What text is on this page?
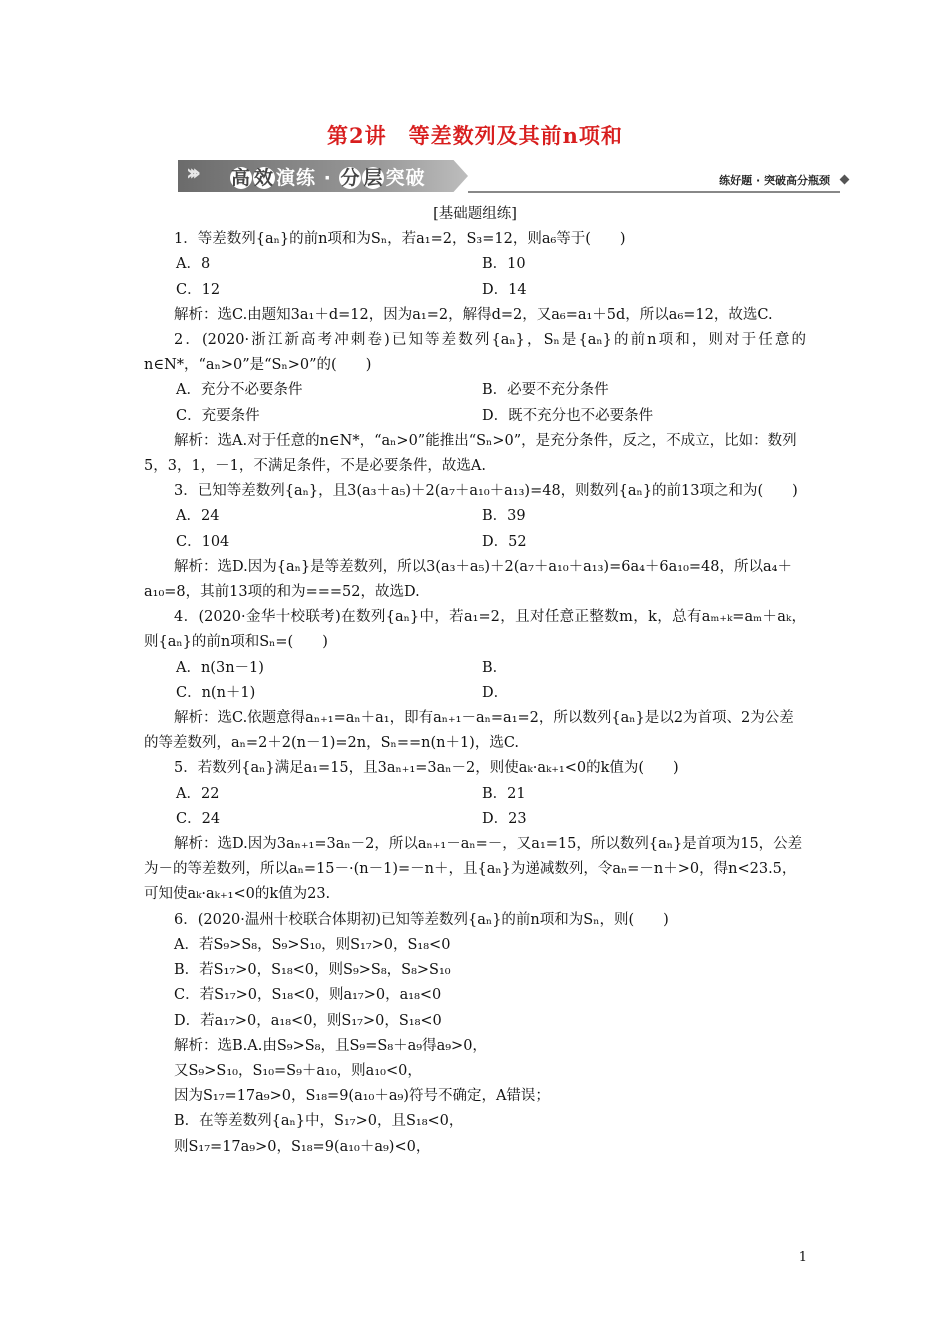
第2讲　等差数列及其前n项和
››› 高 效 演练 · 分 层 突破	练好题 · 突破高分瓶颈
[基础题组练]

1．等差数列{aₙ}的前n项和为Sₙ，若a₁=2，S₃=12，则a₆等于(　　)

A．8	B．10
C．12	D．14

解析：选C.由题知3a₁＋d=12，因为a₁=2，解得d=2，又a₆=a₁＋5d，所以a₆=12，故选C.

2．(2020·浙江新高考冲刺卷)已知等差数列{aₙ}，Sₙ是{aₙ}的前n项和，则对于任意的n∈N*，“aₙ>0”是“Sₙ>0”的(　　)

A．充分不必要条件	B．必要不充分条件
C．充要条件	D．既不充分也不必要条件

解析：选A.对于任意的n∈N*，“aₙ>0”能推出“Sₙ>0”，是充分条件，反之，不成立，比如：数列5，3，1，－1，不满足条件，不是必要条件，故选A.

3．已知等差数列{aₙ}，且3(a₃＋a₅)＋2(a₇＋a₁₀＋a₁₃)=48，则数列{aₙ}的前13项之和为(　　)

A．24	B．39
C．104	D．52

解析：选D.因为{aₙ}是等差数列，所以3(a₃＋a₅)＋2(a₇＋a₁₀＋a₁₃)=6a₄＋6a₁₀=48，所以a₄＋a₁₀=8，其前13项的和为===52，故选D.

4．(2020·金华十校联考)在数列{aₙ}中，若a₁=2，且对任意正整数m，k，总有aₘ₊ₖ=aₘ＋aₖ，则{aₙ}的前n项和Sₙ=(　　)

A．n(3n－1)	B．
C．n(n＋1)	D．

解析：选C.依题意得aₙ₊₁=aₙ＋a₁，即有aₙ₊₁－aₙ=a₁=2，所以数列{aₙ}是以2为首项、2为公差的等差数列，aₙ=2＋2(n－1)=2n，Sₙ==n(n＋1)，选C.

5．若数列{aₙ}满足a₁=15，且3aₙ₊₁=3aₙ－2，则使aₖ·aₖ₊₁<0的k值为(　　)

A．22	B．21
C．24	D．23

解析：选D.因为3aₙ₊₁=3aₙ－2，所以aₙ₊₁－aₙ=－，又a₁=15，所以数列{aₙ}是首项为15，公差为－的等差数列，所以aₙ=15－·(n－1)=－n＋，且{aₙ}为递减数列，令aₙ=－n＋>0，得n<23.5，可知使aₖ·aₖ₊₁<0的k值为23.

6．(2020·温州十校联合体期初)已知等差数列{aₙ}的前n项和为Sₙ，则(　　)

A．若S₉>S₈，S₉>S₁₀，则S₁₇>0，S₁₈<0
B．若S₁₇>0，S₁₈<0，则S₉>S₈，S₈>S₁₀
C．若S₁₇>0，S₁₈<0，则a₁₇>0，a₁₈<0
D．若a₁₇>0，a₁₈<0，则S₁₇>0，S₁₈<0
解析：选B.A.由S₉>S₈，且S₉=S₈＋a₉得a₉>0，
又S₉>S₁₀，S₁₀=S₉＋a₁₀，则a₁₀<0，
因为S₁₇=17a₉>0，S₁₈=9(a₁₀＋a₉)符号不确定，A错误；
B．在等差数列{aₙ}中，S₁₇>0，且S₁₈<0，
则S₁₇=17a₉>0，S₁₈=9(a₁₀＋a₉)<0，
1
